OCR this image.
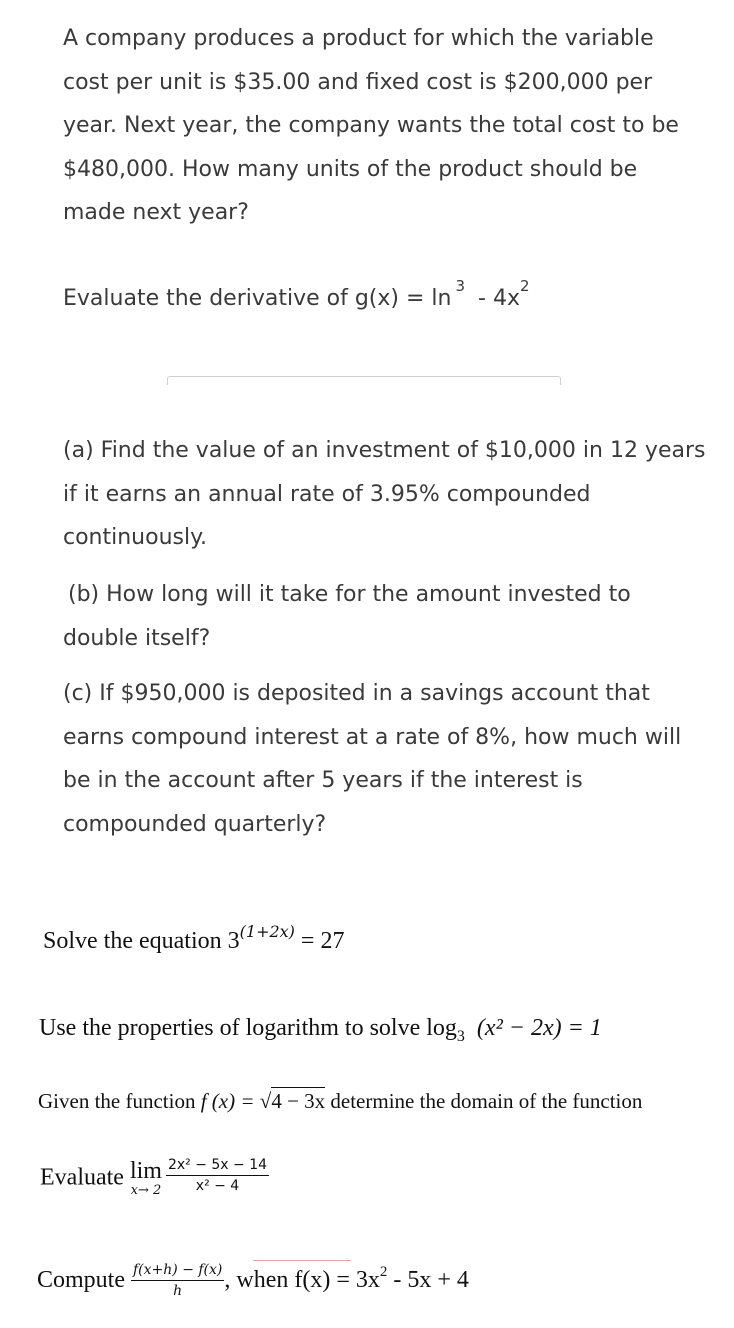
A company produces a product for which the variable

cost per unit is $35.00 and fixed cost is $200,000 per

year. Next year, the company wants the total cost to be

$480,000. How many units of the product should be

made next year?

Evaluate the derivative of $g(x) = \ln ^3 - 4x^2$

(a) Find the value of an investment of $10,000 in 12 years

if it earns an annual rate of 3.95% compounded

continuously.

(b) How long will it take for the amount invested to

double itself?

(c) If $950,000 is deposited in a savings account that

earns compound interest at a rate of 8%, how much will

be in the account after 5 years if the interest is

compounded quarterly?

Solve the equation $3^{(1+2x)} = 27$
Use the properties of logarithm to solve $\log_3 (x^2 - 2x) = 1$
Given the function f (x) = √4 − 3x determine the domain of the function
Evaluate lim
$x\to 2 \frac{\text{2x² − 5x − 14}}{\text{x² − 4}}$
Compute $\frac{f(x+h) - f(x)}{h}$ , when $f(x) = 3x^2 - 5x + 4$
